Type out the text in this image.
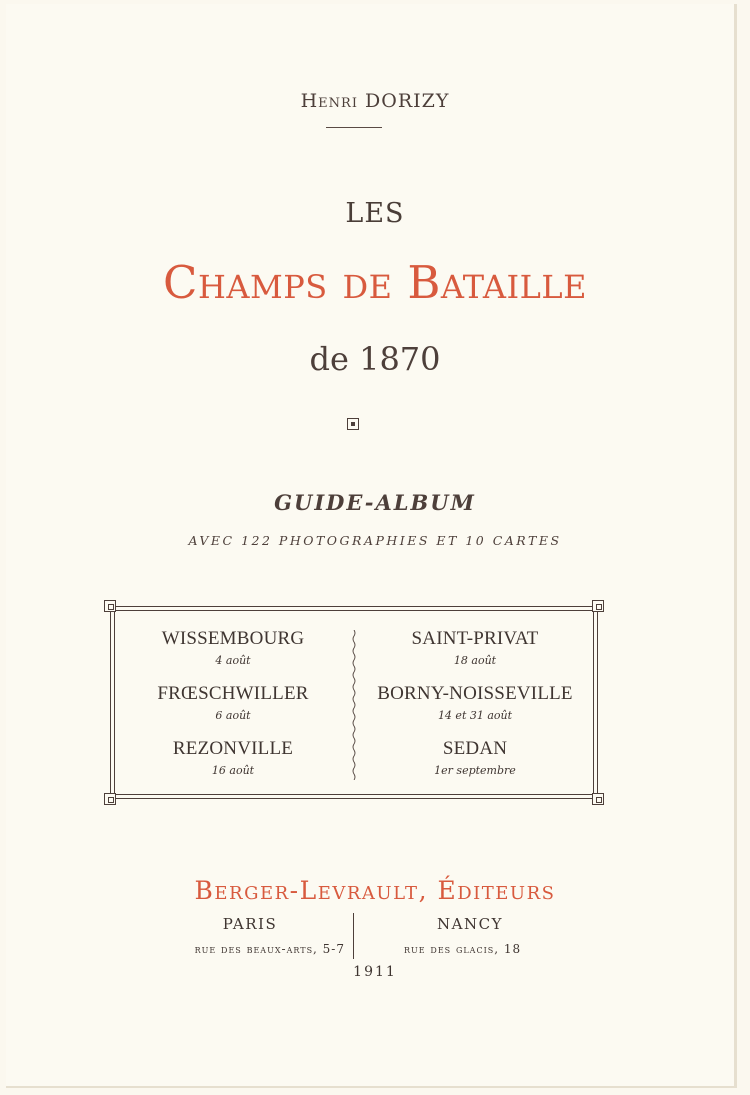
Henri DORIZY
LES
Champs de Bataille
de 1870
GUIDE-ALBUM
AVEC 122 PHOTOGRAPHIES ET 10 CARTES
WISSEMBOURG
4 août
FRŒSCHWILLER
6 août
REZONVILLE
16 août
SAINT-PRIVAT
18 août
BORNY-NOISSEVILLE
14 et 31 août
SEDAN
1er septembre
Berger-Levrault, Éditeurs
PARIS	NANCY
rue des beaux-arts, 5-7	rue des glacis, 18
1911
